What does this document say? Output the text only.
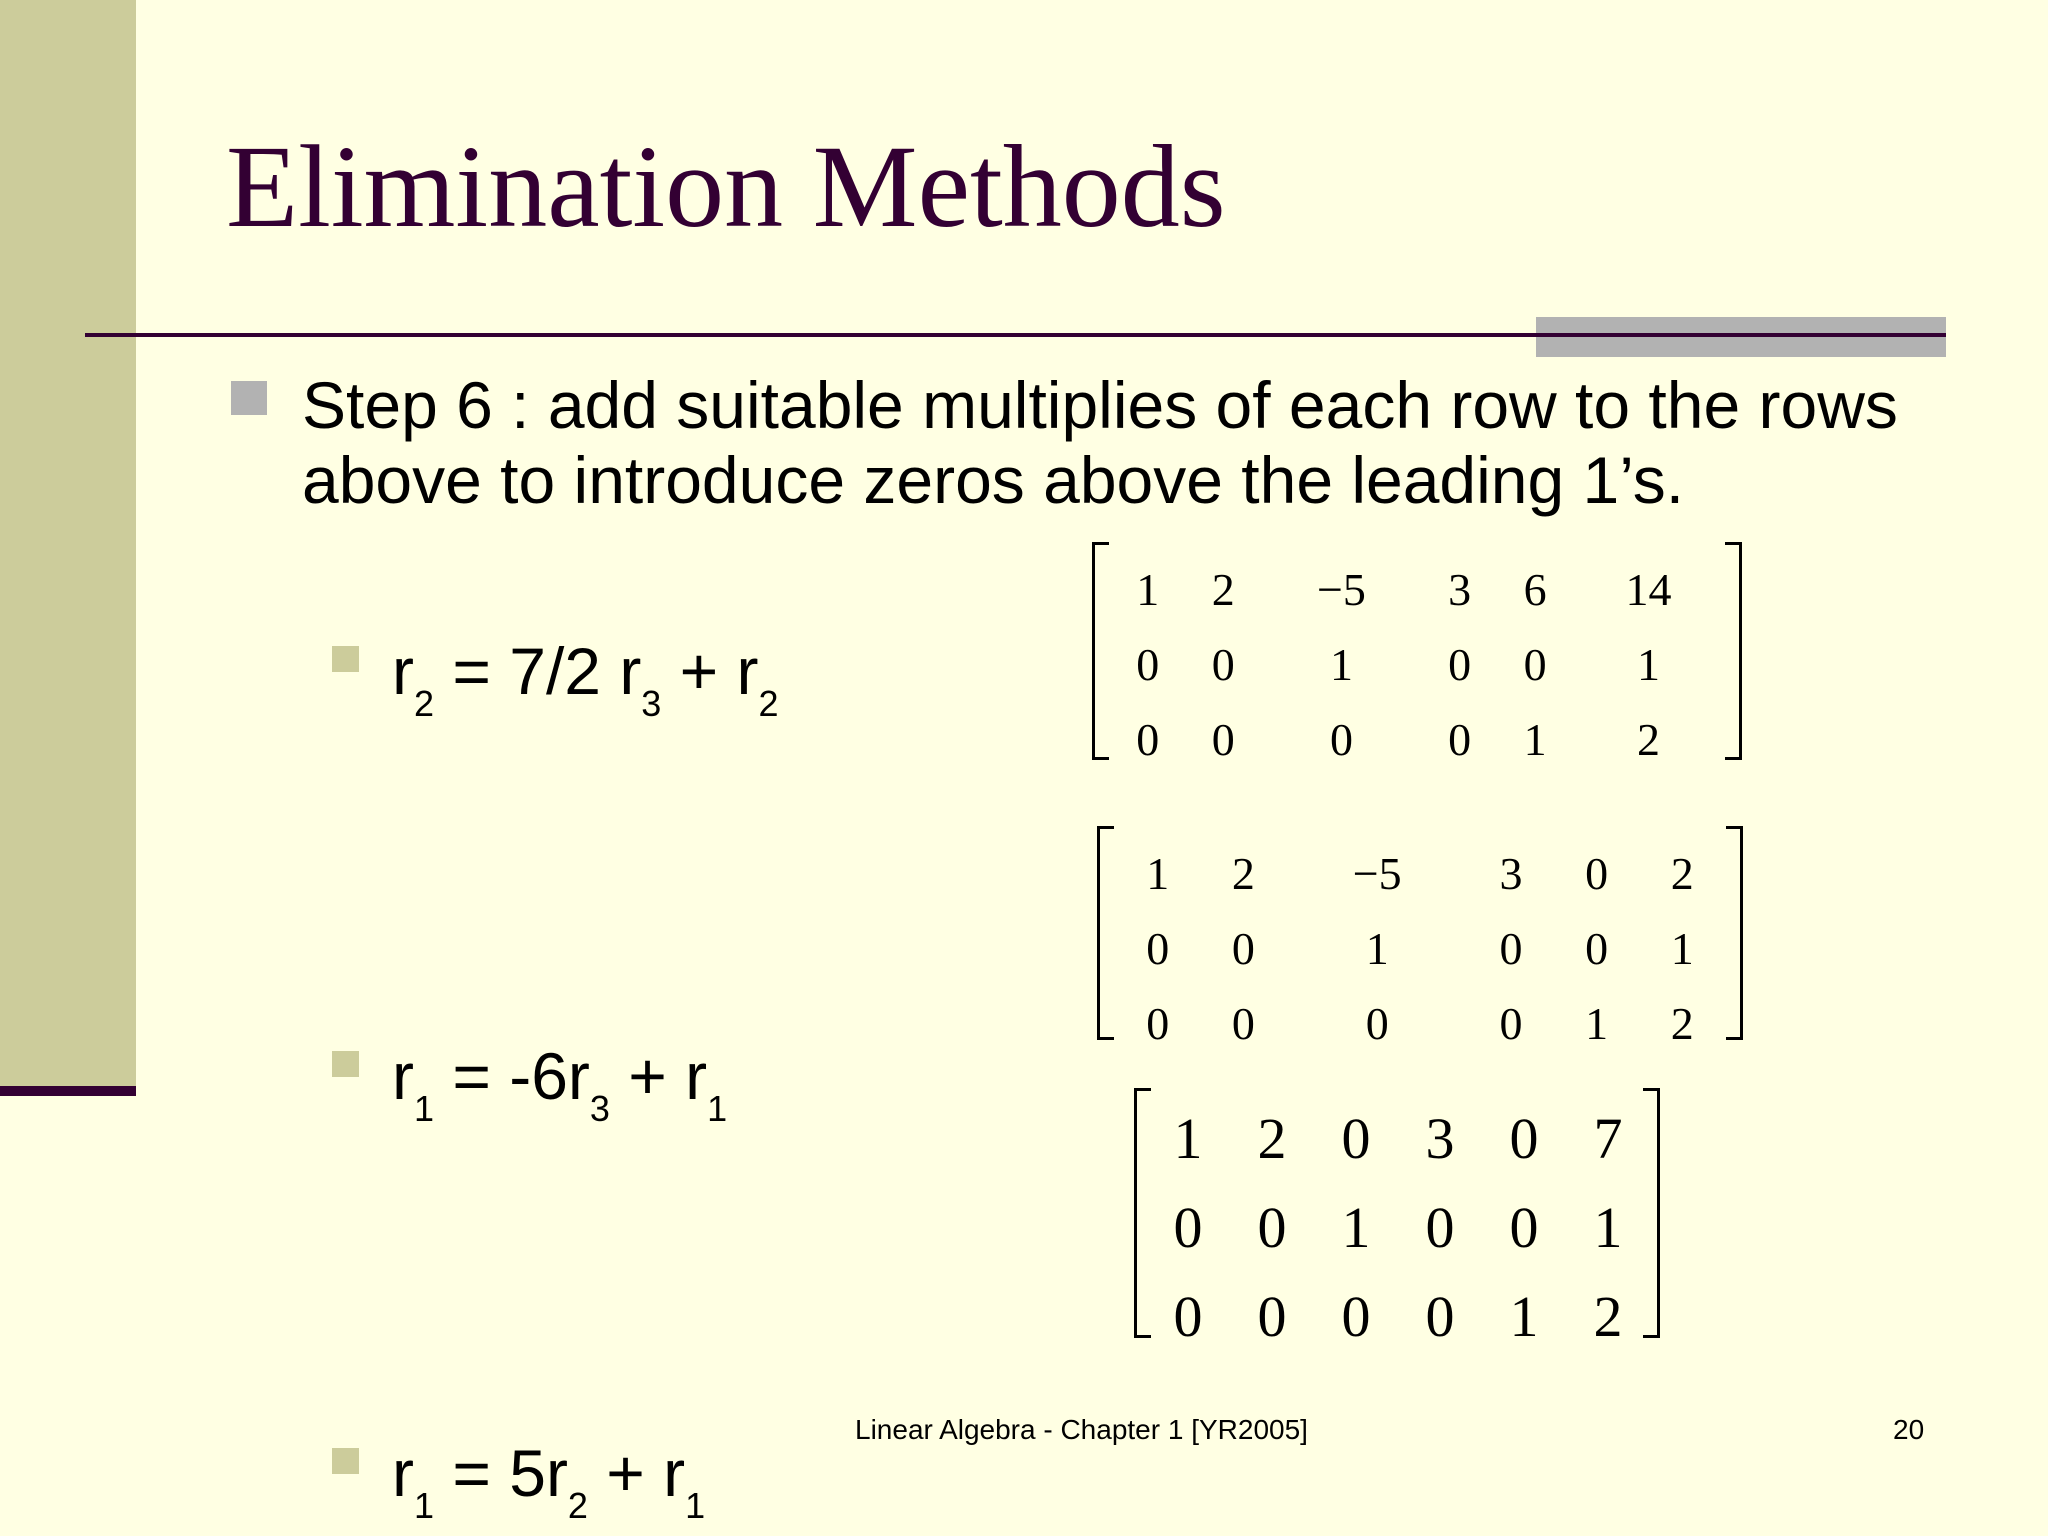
Elimination Methods

Step 6 : add suitable multiplies of each row to the rows above to introduce zeros above the leading 1’s.

$r_2 = 7/2$ $r_3 + r_2$
$r_1 = -6r_3 + r_1$
$r_1 = 5r_2 + r_1$
1	2	−5	3	6	14
0	0	1	0	0	1
0	0	0	0	1	2
1	2	−5	3	0	2
0	0	1	0	0	1
0	0	0	0	1	2
1	2	0	3	0	7
0	0	1	0	0	1
0	0	0	0	1	2
Linear Algebra - Chapter 1 [YR2005]	20
